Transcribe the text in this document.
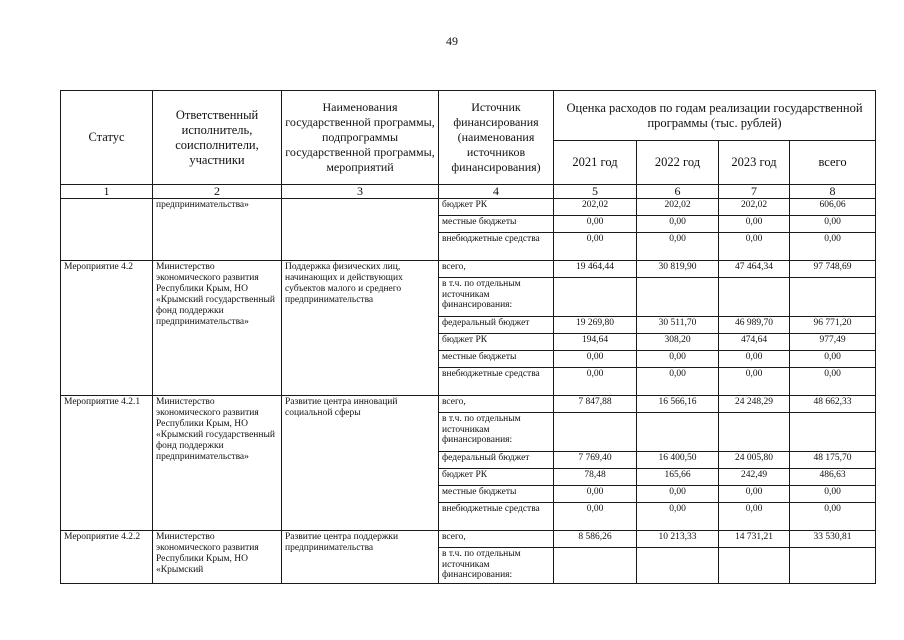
49
Статус	Ответственный исполнитель, соисполнители, участники	Наименования государственной программы, подпрограммы государственной программы, мероприятий	Источник финансирования (наименования источников финансирования)	Оценка расходов по годам реализации государственной программы (тыс. рублей)			
				2021 год	2022 год	2023 год	всего
1	2	3	4	5	6	7	8
	предпринимательства»		бюджет РК	202,02	202,02	202,02	606,06
			местные бюджеты	0,00	0,00	0,00	0,00
			внебюджетные средства	0,00	0,00	0,00	0,00
Мероприятие 4.2	Министерство экономического развития Республики Крым, НО «Крымский государственный фонд поддержки предпринимательства»	Поддержка физических лиц, начинающих и действующих субъектов малого и среднего предпринимательства	всего,	19 464,44	30 819,90	47 464,34	97 748,69
			в т.ч. по отдельным источникам финансирования:				
			федеральный бюджет	19 269,80	30 511,70	46 989,70	96 771,20
			бюджет РК	194,64	308,20	474,64	977,49
			местные бюджеты	0,00	0,00	0,00	0,00
			внебюджетные средства	0,00	0,00	0,00	0,00

Мероприятие 4.2.1	Министерство экономического развития Республики Крым, НО «Крымский государственный фонд поддержки предпринимательства»	Развитие центра инноваций социальной сферы	всего,	7 847,88	16 566,16	24 248,29	48 662,33
			в т.ч. по отдельным источникам финансирования:				
			федеральный бюджет	7 769,40	16 400,50	24 005,80	48 175,70
			бюджет РК	78,48	165,66	242,49	486,63
			местные бюджеты	0,00	0,00	0,00	0,00
			внебюджетные средства	0,00	0,00	0,00	0,00
Мероприятие 4.2.2	Министерство экономического развития Республики Крым, НО «Крымский	Развитие центра поддержки предпринимательства	всего,	8 586,26	10 213,33	14 731,21	33 530,81
			в т.ч. по отдельным источникам финансирования:				
